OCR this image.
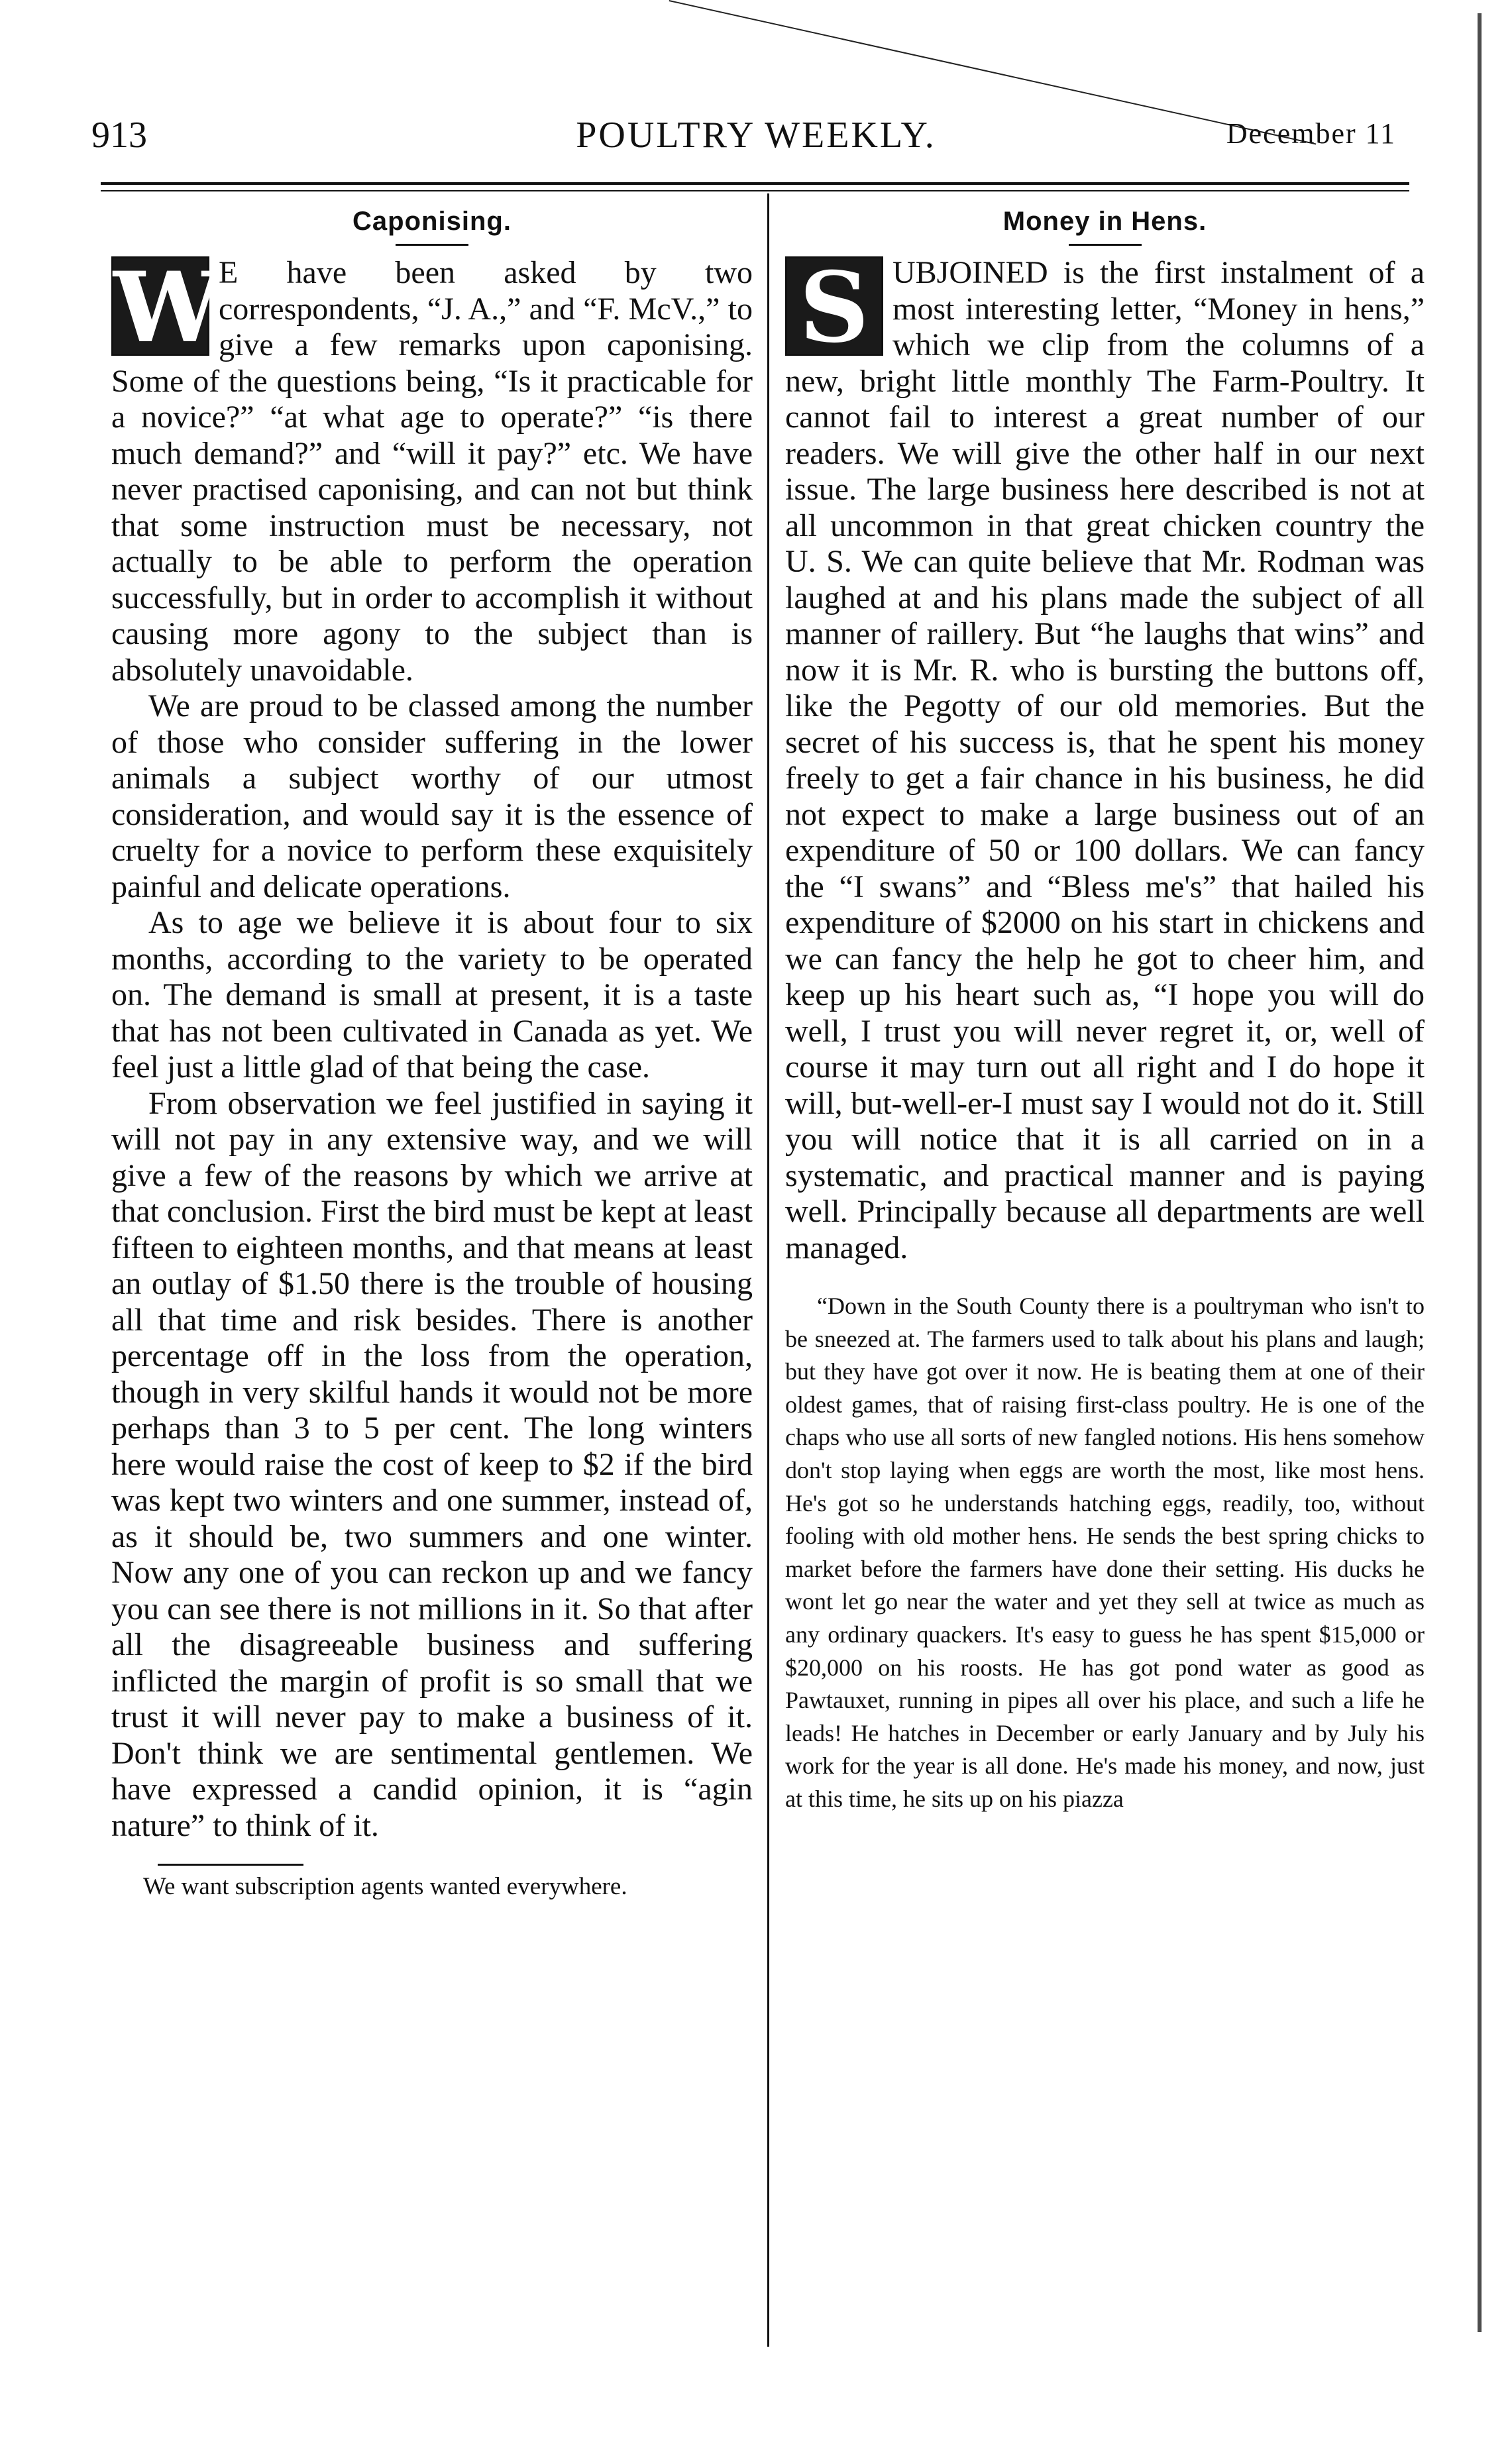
913	POULTRY WEEKLY.	December 11
Caponising.

W
E have been asked by two correspondents, “J. A.,” and “F. McV.,” to give a few remarks upon caponising. Some of the questions being, “Is it practicable for a novice?” “at what age to operate?” “is there much demand?” and “will it pay?” etc. We have never practised caponising, and can not but think that some instruction must be necessary, not actually to be able to perform the operation successfully, but in order to accomplish it without causing more agony to the subject than is absolutely unavoidable.

We are proud to be classed among the number of those who consider suffering in the lower animals a subject worthy of our utmost consideration, and would say it is the essence of cruelty for a novice to perform these exquisitely painful and delicate operations.

As to age we believe it is about four to six months, according to the variety to be operated on. The demand is small at present, it is a taste that has not been cultivated in Canada as yet. We feel just a little glad of that being the case.

From observation we feel justified in saying it will not pay in any extensive way, and we will give a few of the reasons by which we arrive at that conclusion. First the bird must be kept at least fifteen to eighteen months, and that means at least an outlay of $1.50 there is the trouble of housing all that time and risk besides. There is another percentage off in the loss from the operation, though in very skilful hands it would not be more perhaps than 3 to 5 per cent. The long winters here would raise the cost of keep to $2 if the bird was kept two winters and one summer, instead of, as it should be, two summers and one winter. Now any one of you can reckon up and we fancy you can see there is not millions in it. So that after all the disagreeable business and suffering inflicted the margin of profit is so small that we trust it will never pay to make a business of it. Don't think we are sentimental gentlemen. We have expressed a candid opinion, it is “agin nature” to think of it.

We want subscription agents wanted everywhere.

Money in Hens.

S UBJOINED is the first instalment of a most interesting letter, “Money in hens,” which we clip from the columns of a new, bright little monthly The Farm-Poultry. It cannot fail to interest a great number of our readers. We will give the other half in our next issue. The large business here described is not at all uncommon in that great chicken country the U. S. We can quite believe that Mr. Rodman was laughed at and his plans made the subject of all manner of raillery. But “he laughs that wins” and now it is Mr. R. who is bursting the buttons off, like the Pegotty of our old memories. But the secret of his success is, that he spent his money freely to get a fair chance in his business, he did not expect to make a large business out of an expenditure of 50 or 100 dollars. We can fancy the “I swans” and “Bless me's” that hailed his expenditure of $2000 on his start in chickens and we can fancy the help he got to cheer him, and keep up his heart such as, “I hope you will do well, I trust you will never regret it, or, well of course it may turn out all right and I do hope it will, but-well-er-I must say I would not do it. Still you will notice that it is all carried on in a systematic, and practical manner and is paying well. Principally because all departments are well managed.

“Down in the South County there is a poultryman who isn't to be sneezed at. The farmers used to talk about his plans and laugh; but they have got over it now. He is beating them at one of their oldest games, that of raising first-class poultry. He is one of the chaps who use all sorts of new fangled notions. His hens somehow don't stop laying when eggs are worth the most, like most hens. He's got so he understands hatching eggs, readily, too, without fooling with old mother hens. He sends the best spring chicks to market before the farmers have done their setting. His ducks he wont let go near the water and yet they sell at twice as much as any ordinary quackers. It's easy to guess he has spent $15,000 or $20,000 on his roosts. He has got pond water as good as Pawtauxet, running in pipes all over his place, and such a life he leads! He hatches in December or early January and by July his work for the year is all done. He's made his money, and now, just at this time, he sits up on his piazza
